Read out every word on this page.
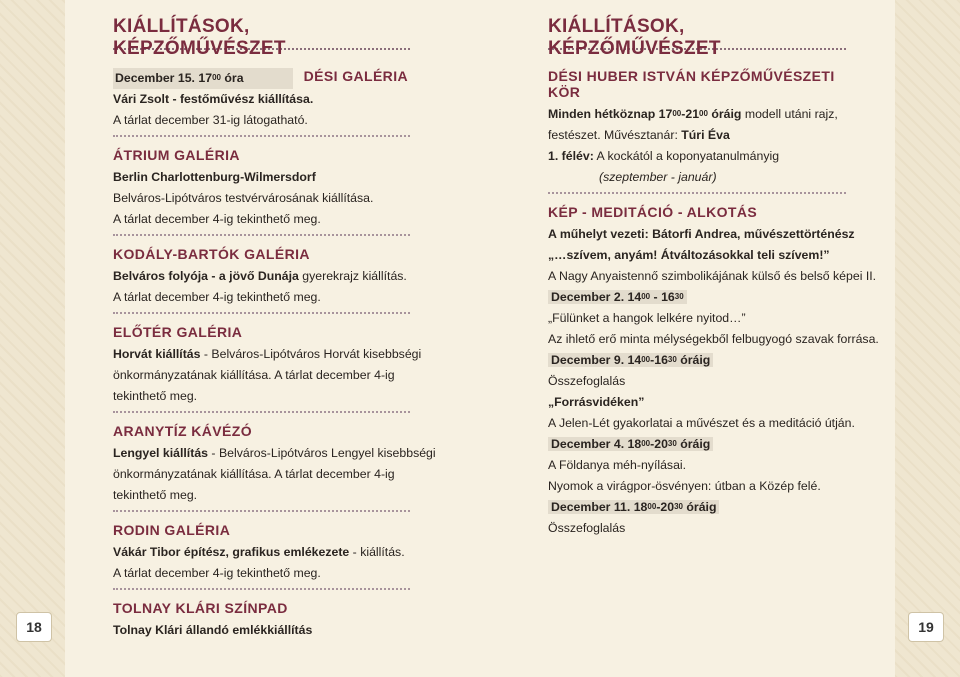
18	19
KIÁLLÍTÁSOK, KÉPZŐMŰVÉSZET
December 15. $17^{00}$ óra	DÉSI GALÉRIA
Vári Zsolt - festőművész kiállítása.
A tárlat december 31-ig látogatható.
ÁTRIUM GALÉRIA
Berlin Charlottenburg-Wilmersdorf
Belváros-Lipótváros testvérvárosának kiállítása.
A tárlat december 4-ig tekinthető meg.
KODÁLY-BARTÓK GALÉRIA
Belváros folyója - a jövő Dunája gyerekrajz kiállítás.
A tárlat december 4-ig tekinthető meg.
ELŐTÉR GALÉRIA
Horvát kiállítás - Belváros-Lipótváros Horvát kisebbségi
önkormányzatának kiállítása. A tárlat december 4-ig
tekinthető meg.
ARANYTÍZ KÁVÉZÓ
Lengyel kiállítás - Belváros-Lipótváros Lengyel kisebbségi
önkormányzatának kiállítása. A tárlat december 4-ig
tekinthető meg.
RODIN GALÉRIA
Vákár Tibor építész, grafikus emlékezete - kiállítás.
A tárlat december 4-ig tekinthető meg.
TOLNAY KLÁRI SZÍNPAD
Tolnay Klári állandó emlékkiállítás
KIÁLLÍTÁSOK, KÉPZŐMŰVÉSZET
DÉSI HUBER ISTVÁN KÉPZŐMŰVÉSZETI KÖR
Minden hétköznap $17^{00}-21^{00}$ óráig modell utáni rajz,
festészet. Művésztanár: Túri Éva
1. félév: A kockától a koponyatanulmányig
(szeptember - január)
KÉP - MEDITÁCIÓ - ALKOTÁS
A műhelyt vezeti: Bátorfi Andrea, művészettörténész
„…szívem, anyám! Átváltozásokkal teli szívem!”
A Nagy Anyaistennő szimbolikájának külső és belső képei II.
December 2. $14^{00} - 16^{30}$
„Fülünket a hangok lelkére nyitod…”
Az ihlető erő minta mélységekből felbugyogó szavak forrása.
December 9. $14^{00}-16^{30}$ óráig
Összefoglalás
„Forrásvidéken”
A Jelen-Lét gyakorlatai a művészet és a meditáció útján.
December 4. $18^{00}-20^{30}$ óráig
A Földanya méh-nyílásai.
Nyomok a virágpor-ösvényen: útban a Közép felé.
December 11. $18^{00}-20^{30}$ óráig
Összefoglalás
